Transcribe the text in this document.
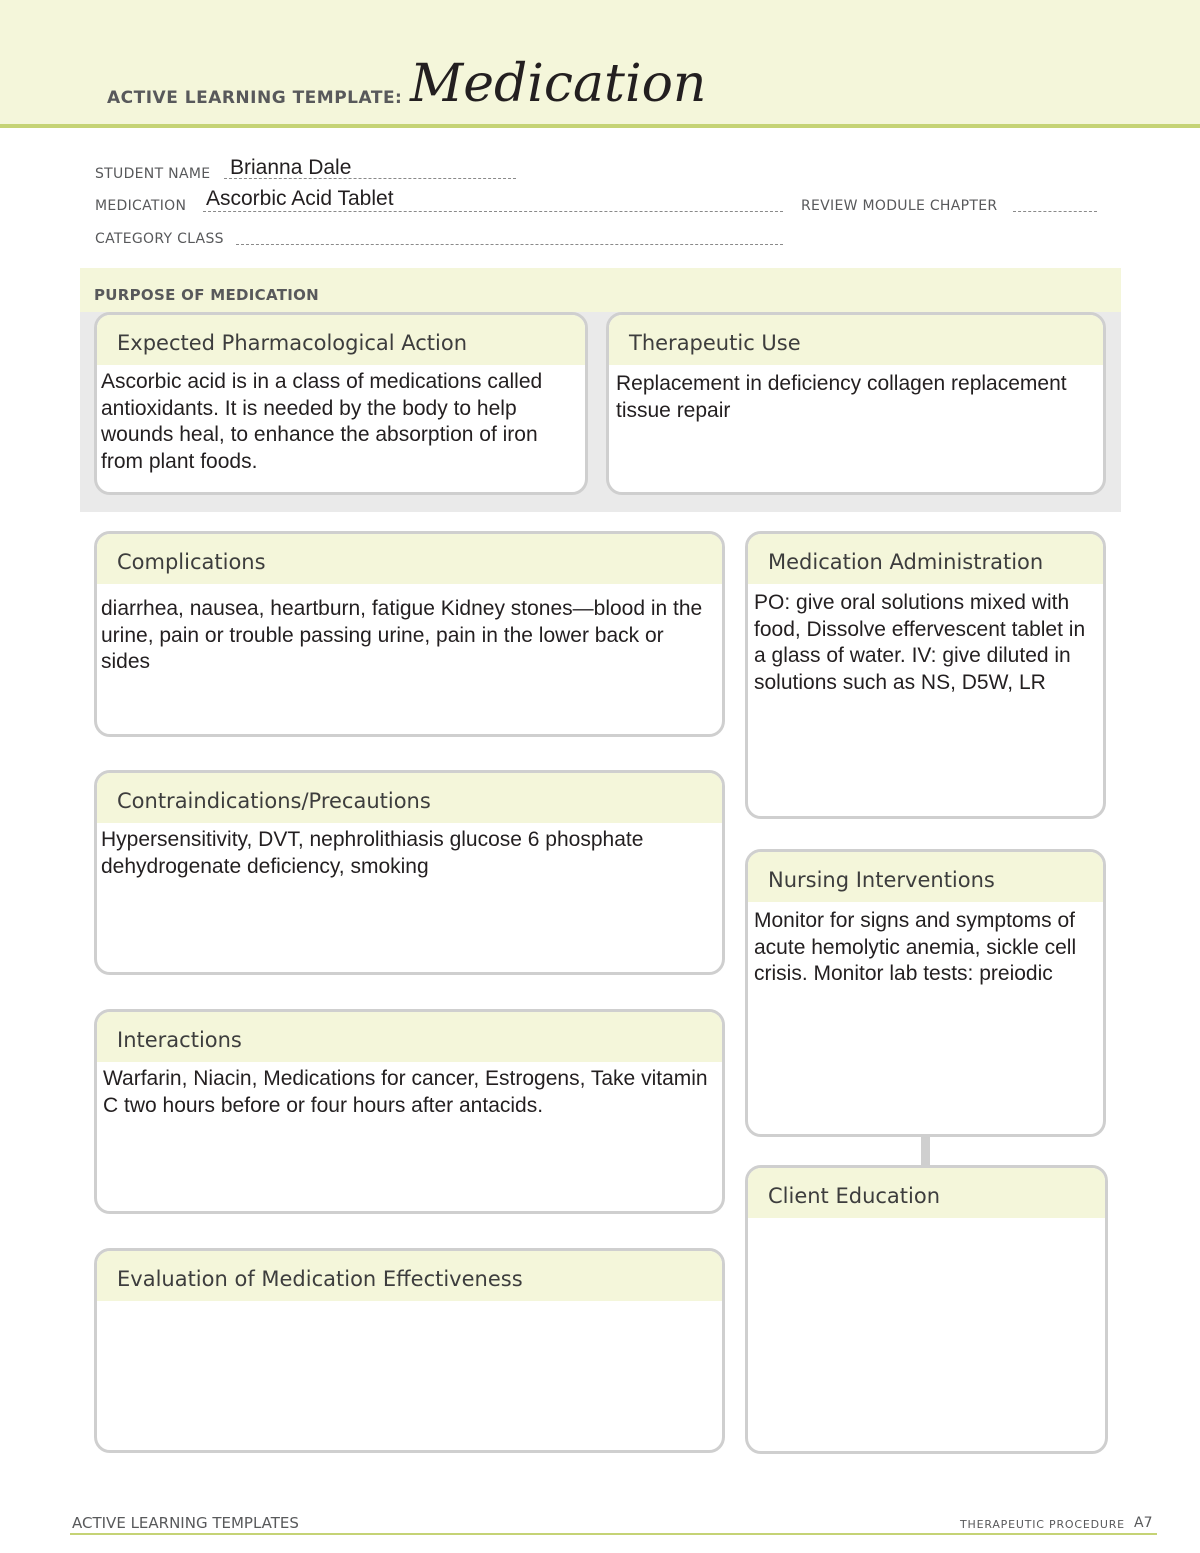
ACTIVE LEARNING TEMPLATE: Medication
STUDENT NAME Brianna Dale
MEDICATION Ascorbic Acid Tablet	REVIEW MODULE CHAPTER
CATEGORY CLASS
PURPOSE OF MEDICATION
Expected Pharmacological Action
Ascorbic acid is in a class of medications called antioxidants. It is needed by the body to help wounds heal, to enhance the absorption of iron from plant foods.
Therapeutic Use
Replacement in deficiency collagen replacement tissue repair
Complications
diarrhea, nausea, heartburn, fatigue Kidney stones—blood in the urine, pain or trouble passing urine, pain in the lower back or sides
Contraindications/Precautions
Hypersensitivity, DVT, nephrolithiasis glucose 6 phosphate dehydrogenate deficiency, smoking
Interactions
Warfarin, Niacin, Medications for cancer, Estrogens, Take vitamin C two hours before or four hours after antacids.
Evaluation of Medication Effectiveness
Medication Administration
PO: give oral solutions mixed with food, Dissolve effervescent tablet in a glass of water. IV: give diluted in solutions such as NS, D5W, LR
Nursing Interventions
Monitor for signs and symptoms of acute hemolytic anemia, sickle cell crisis. Monitor lab tests: preiodic
Client Education
ACTIVE LEARNING TEMPLATES	THERAPEUTIC PROCEDURE A7
